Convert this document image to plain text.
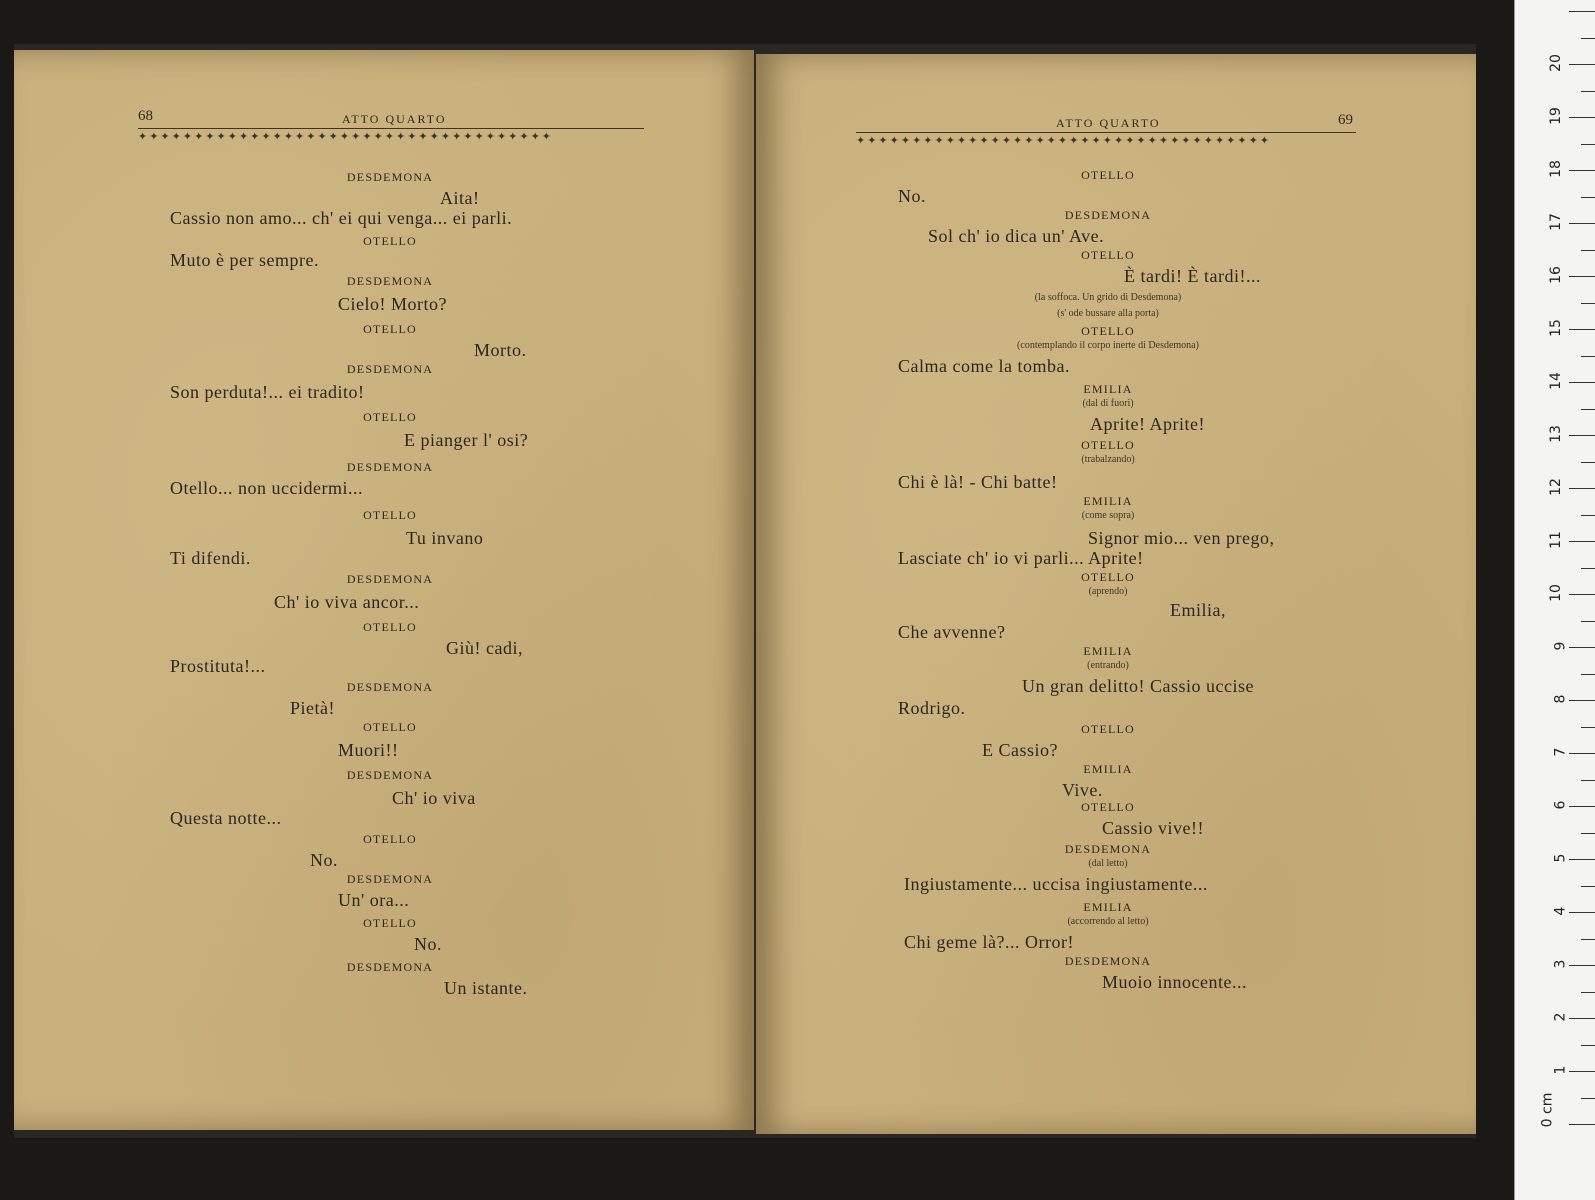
68	ATTO QUARTO
✦✦✦✦✦✦✦✦✦✦✦✦✦✦✦✦✦✦✦✦✦✦✦✦✦✦✦✦✦✦✦✦✦✦✦✦✦
DESDEMONA
Aita!
Cassio non amo... ch' ei qui venga... ei parli.
OTELLO
Muto è per sempre.
DESDEMONA
Cielo! Morto?
OTELLO
Morto.
DESDEMONA
Son perduta!... ei tradito!
OTELLO
E pianger l' osi?
DESDEMONA
Otello... non uccidermi...
OTELLO
Tu invano
Ti difendi.
DESDEMONA
Ch' io viva ancor...
OTELLO
Giù! cadi,
Prostituta!...
DESDEMONA
Pietà!
OTELLO
Muori!!
DESDEMONA
Ch' io viva
Questa notte...
OTELLO
No.
DESDEMONA
Un' ora...
OTELLO
No.
DESDEMONA
Un istante.
ATTO QUARTO	69
✦✦✦✦✦✦✦✦✦✦✦✦✦✦✦✦✦✦✦✦✦✦✦✦✦✦✦✦✦✦✦✦✦✦✦✦✦
OTELLO
No.
DESDEMONA
Sol ch' io dica un' Ave.
OTELLO
È tardi! È tardi!...
(la soffoca. Un grido di Desdemona)
(s' ode bussare alla porta)
OTELLO
(contemplando il corpo inerte di Desdemona)
Calma come la tomba.
EMILIA
(dal di fuori)
Aprite! Aprite!
OTELLO
(trabalzando)
Chi è là! - Chi batte!
EMILIA
(come sopra)
Signor mio... ven prego,
Lasciate ch' io vi parli... Aprite!
OTELLO
(aprendo)
Emilia,
Che avvenne?
EMILIA
(entrando)
Un gran delitto! Cassio uccise
Rodrigo.
OTELLO
E Cassio?
EMILIA
Vive.
OTELLO
Cassio vive!!
DESDEMONA
(dal letto)
Ingiustamente... uccisa ingiustamente...
EMILIA
(accorrendo al letto)
Chi geme là?... Orror!
DESDEMONA
Muoio innocente...
0 cm
1
2
3
4
5
6
7
8
9
10
11
12
13
14
15
16
17
18
19
20
